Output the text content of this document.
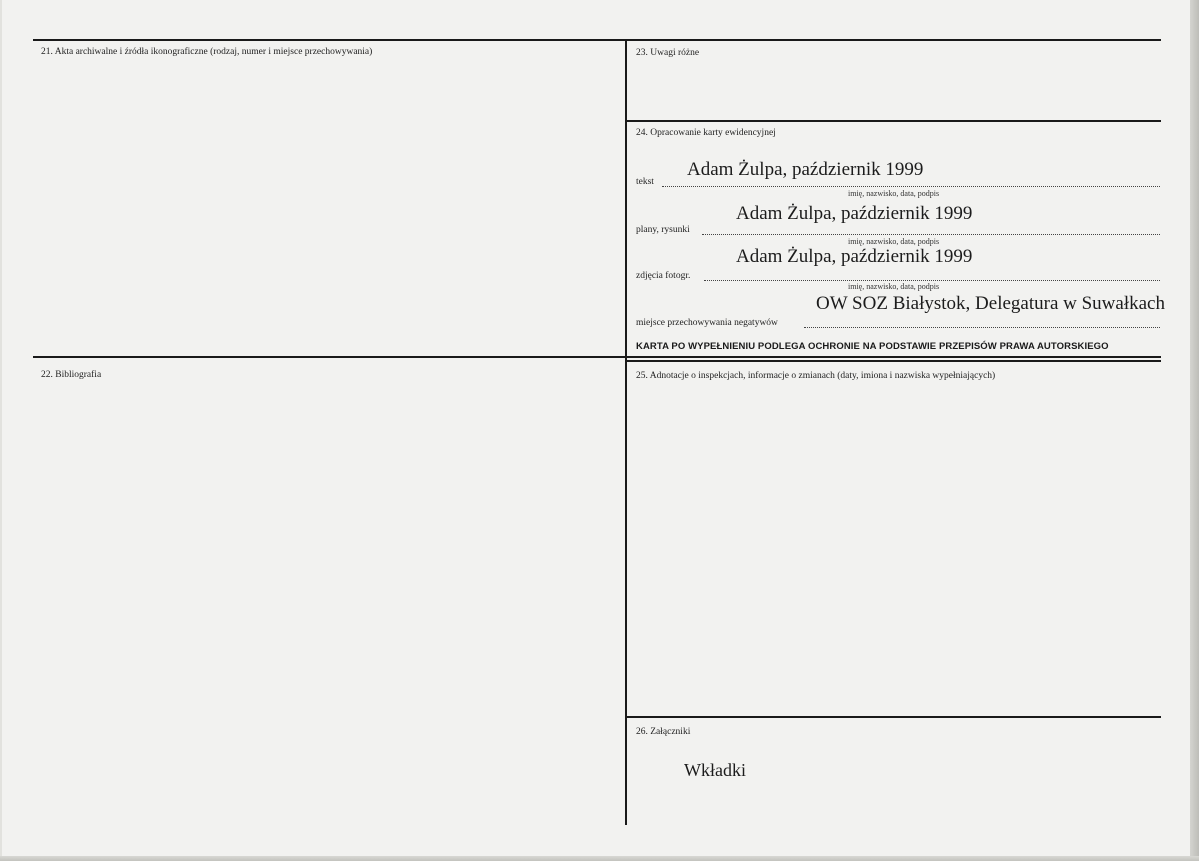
21. Akta archiwalne i źródła ikonograficzne (rodzaj, numer i miejsce przechowywania)
22. Bibliografia
23. Uwagi różne
24. Opracowanie karty ewidencyjnej
Adam Żulpa, październik 1999
tekst
imię, nazwisko, data, podpis
Adam Żulpa, październik 1999
plany, rysunki
imię, nazwisko, data, podpis
Adam Żulpa, październik 1999
zdjęcia fotogr.
imię, nazwisko, data, podpis
OW SOZ Białystok, Delegatura w Suwałkach
miejsce przechowywania negatywów
KARTA PO WYPEŁNIENIU PODLEGA OCHRONIE NA PODSTAWIE PRZEPISÓW PRAWA AUTORSKIEGO
25. Adnotacje o inspekcjach, informacje o zmianach (daty, imiona i nazwiska wypełniających)
26. Załączniki
Wkładki
